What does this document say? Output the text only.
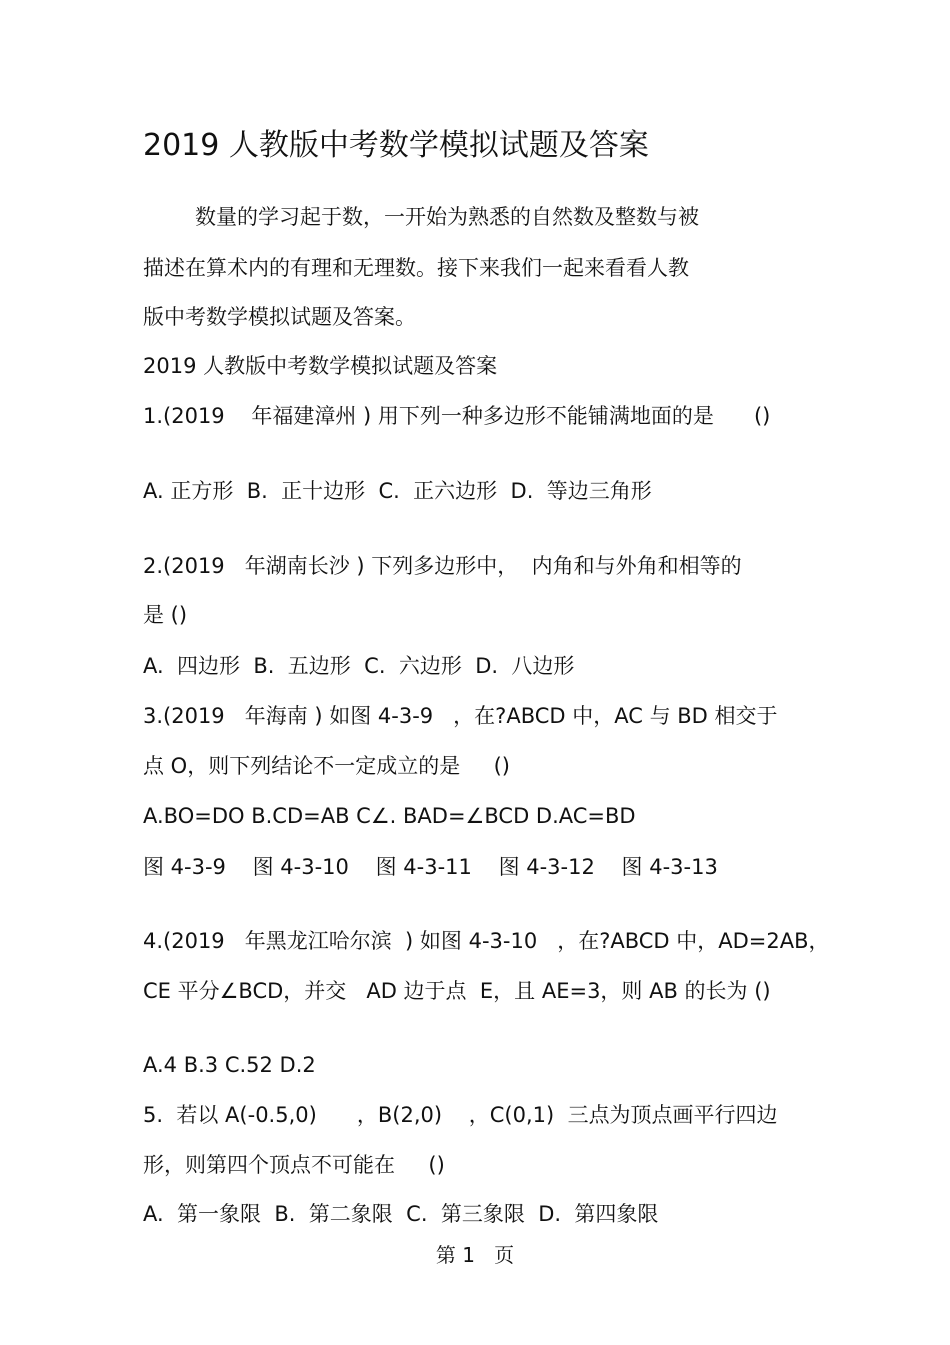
2019 人教版中考数学模拟试题及答案
数量的学习起于数，一开始为熟悉的自然数及整数与被
描述在算术内的有理和无理数。接下来我们一起来看看人教
版中考数学模拟试题及答案。
2019 人教版中考数学模拟试题及答案
1.(2019    年福建漳州 ) 用下列一种多边形不能铺满地面的是      ()
A. 正方形  B.  正十边形  C.  正六边形  D.  等边三角形
2.(2019   年湖南长沙 ) 下列多边形中，  内角和与外角和相等的
是 ()
A.  四边形  B.  五边形  C.  六边形  D.  八边形
3.(2019   年海南 ) 如图 4-3-9   ，在?ABCD 中，AC 与 BD 相交于
点 O，则下列结论不一定成立的是     ()
A.BO=DO B.CD=AB C∠. BAD=∠BCD D.AC=BD
图 4-3-9    图 4-3-10    图 4-3-11    图 4-3-12    图 4-3-13
4.(2019   年黑龙江哈尔滨  ) 如图 4-3-10   ，在?ABCD 中，AD=2AB，
CE 平分∠BCD，并交   AD 边于点  E，且 AE=3，则 AB 的长为 ()
A.4 B.3 C.52 D.2
5.  若以 A(-0.5,0)      ，B(2,0)    ，C(0,1)  三点为顶点画平行四边
形，则第四个顶点不可能在     ()
A.  第一象限  B.  第二象限  C.  第三象限  D.  第四象限
第 1   页
